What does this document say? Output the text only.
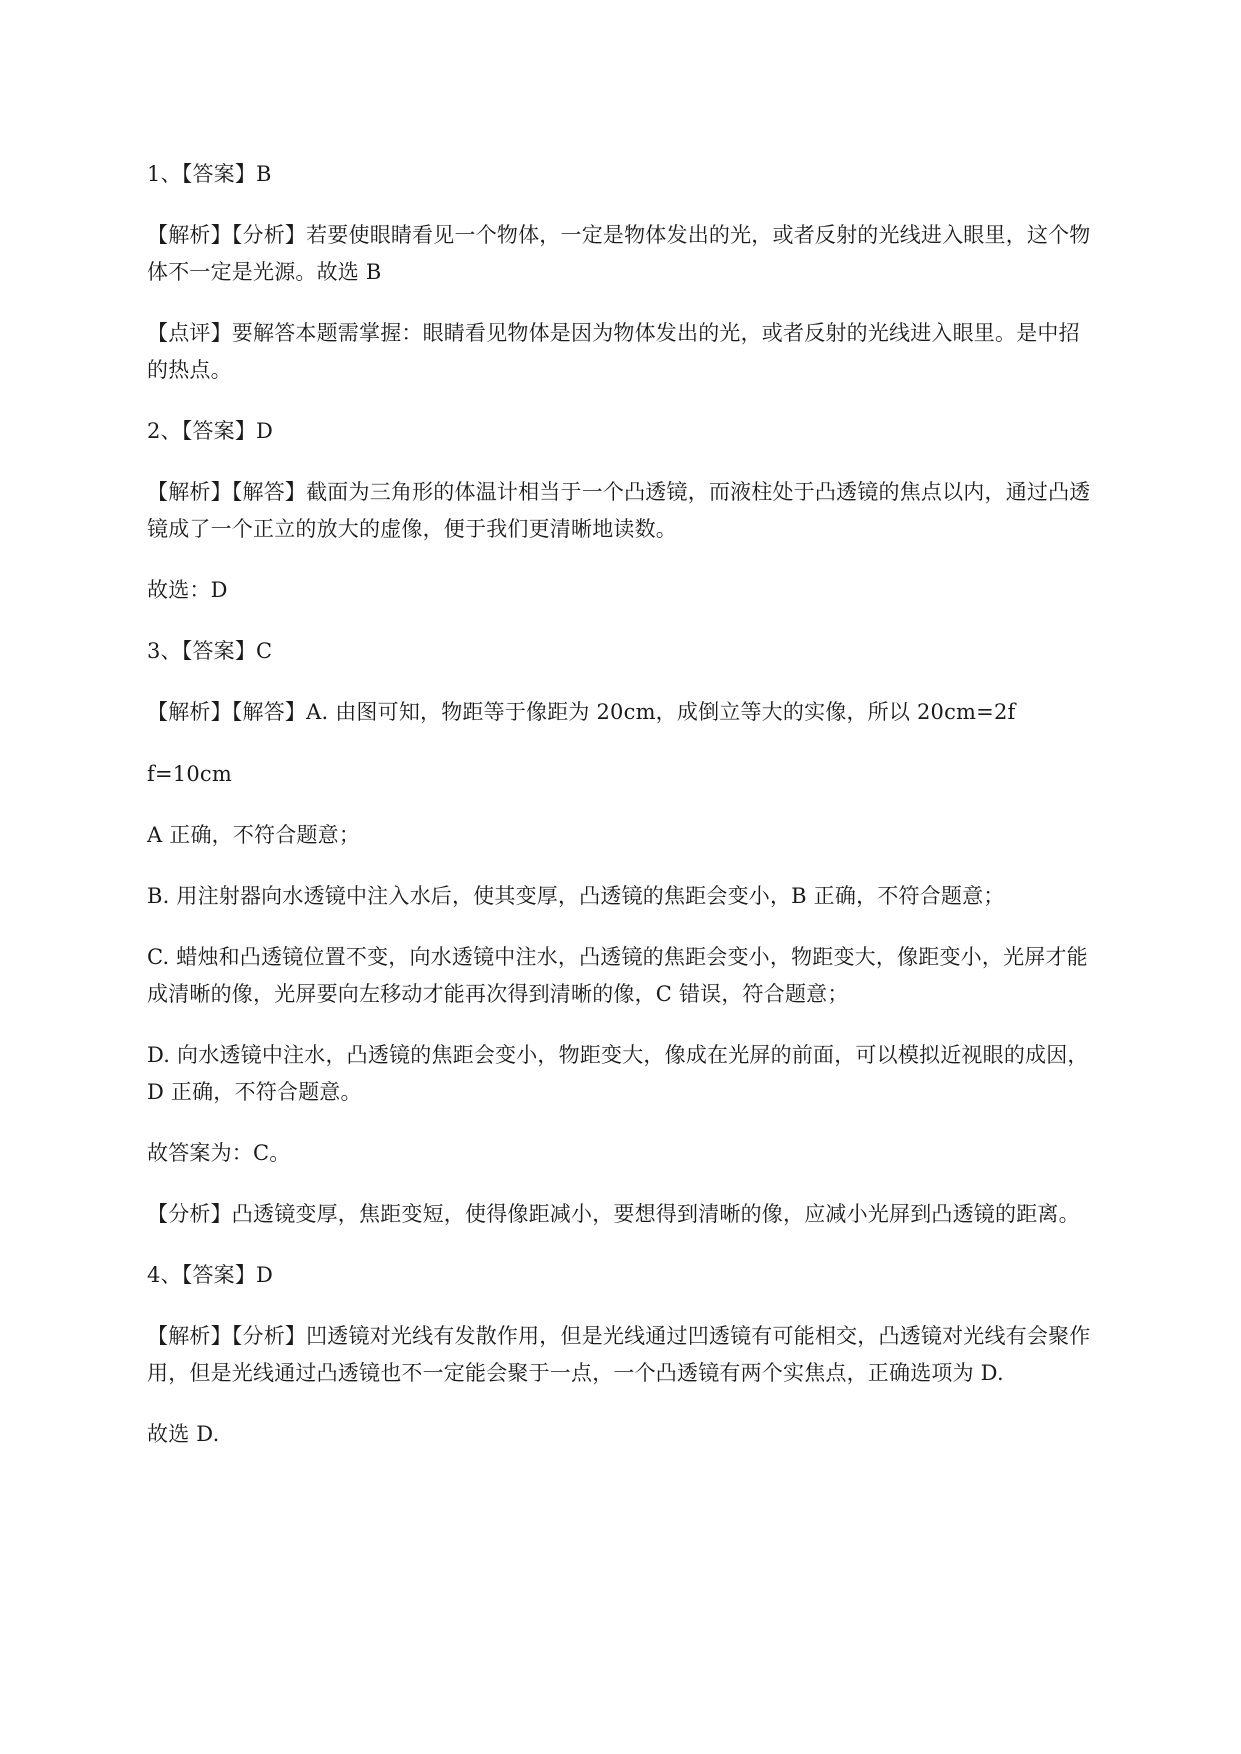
1、【答案】B
【解析】【分析】若要使眼睛看见一个物体，一定是物体发出的光，或者反射的光线进入眼里，这个物
体不一定是光源。故选 B
【点评】要解答本题需掌握：眼睛看见物体是因为物体发出的光，或者反射的光线进入眼里。是中招
的热点。
2、【答案】D
【解析】【解答】截面为三角形的体温计相当于一个凸透镜，而液柱处于凸透镜的焦点以内，通过凸透
镜成了一个正立的放大的虚像，便于我们更清晰地读数。
故选：D
3、【答案】C
【解析】【解答】A. 由图可知，物距等于像距为 20cm，成倒立等大的实像，所以 20cm=2f
f=10cm
A 正确，不符合题意；
B. 用注射器向水透镜中注入水后，使其变厚，凸透镜的焦距会变小，B 正确，不符合题意；
C. 蜡烛和凸透镜位置不变，向水透镜中注水，凸透镜的焦距会变小，物距变大，像距变小，光屏才能
成清晰的像，光屏要向左移动才能再次得到清晰的像，C 错误，符合题意；
D. 向水透镜中注水，凸透镜的焦距会变小，物距变大，像成在光屏的前面，可以模拟近视眼的成因，
D 正确，不符合题意。
故答案为：C。
【分析】凸透镜变厚，焦距变短，使得像距减小，要想得到清晰的像，应减小光屏到凸透镜的距离。
4、【答案】D
【解析】【分析】凹透镜对光线有发散作用，但是光线通过凹透镜有可能相交，凸透镜对光线有会聚作
用，但是光线通过凸透镜也不一定能会聚于一点，一个凸透镜有两个实焦点，正确选项为 D.
故选 D.
